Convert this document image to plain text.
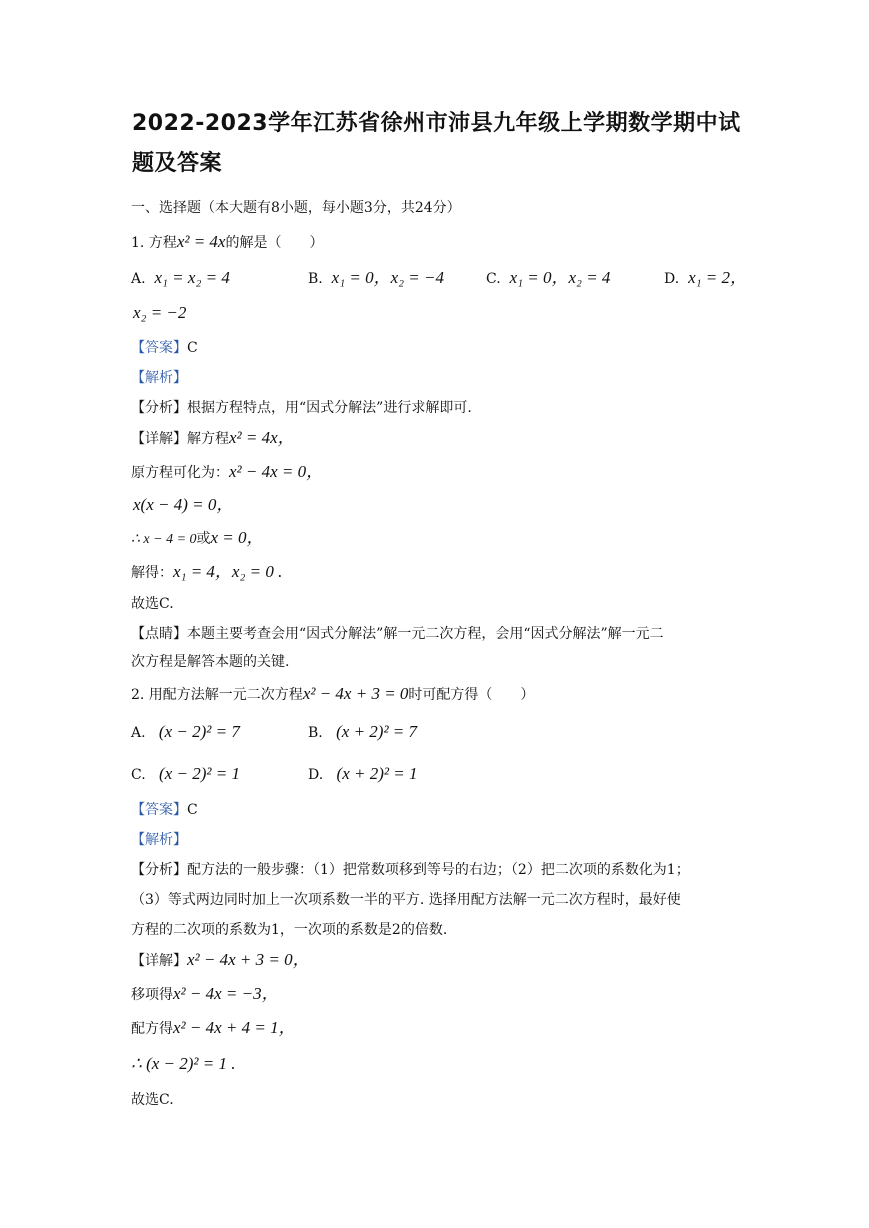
2022-2023学年江苏省徐州市沛县九年级上学期数学期中试题及答案
一、选择题（本大题有8小题，每小题3分，共24分）
1. 方程x² = 4x的解是（　　）
A. x₁ = x₂ = 4	B. x₁ = 0，x₂ = −4	C. x₁ = 0，x₂ = 4	D. x₁ = 2，
x₂ = −2
【答案】C
【解析】
【分析】根据方程特点，用“因式分解法”进行求解即可.
【详解】解方程x² = 4x，
原方程可化为：x² − 4x = 0，
x(x − 4) = 0，
∴ x − 4 = 0或x = 0，
解得：x₁ = 4，x₂ = 0 .
故选C.
【点睛】本题主要考查会用“因式分解法”解一元二次方程，会用“因式分解法”解一元二
次方程是解答本题的关键.
2. 用配方法解一元二次方程x² − 4x + 3 = 0时可配方得（　　）
A. (x − 2)² = 7	B. (x + 2)² = 7
C. (x − 2)² = 1	D. (x + 2)² = 1
【答案】C
【解析】
【分析】配方法的一般步骤：（1）把常数项移到等号的右边；（2）把二次项的系数化为1；
（3）等式两边同时加上一次项系数一半的平方. 选择用配方法解一元二次方程时，最好使
方程的二次项的系数为1，一次项的系数是2的倍数.
【详解】x² − 4x + 3 = 0，
移项得x² − 4x = −3，
配方得x² − 4x + 4 = 1，
∴ (x − 2)² = 1 .
故选C.
